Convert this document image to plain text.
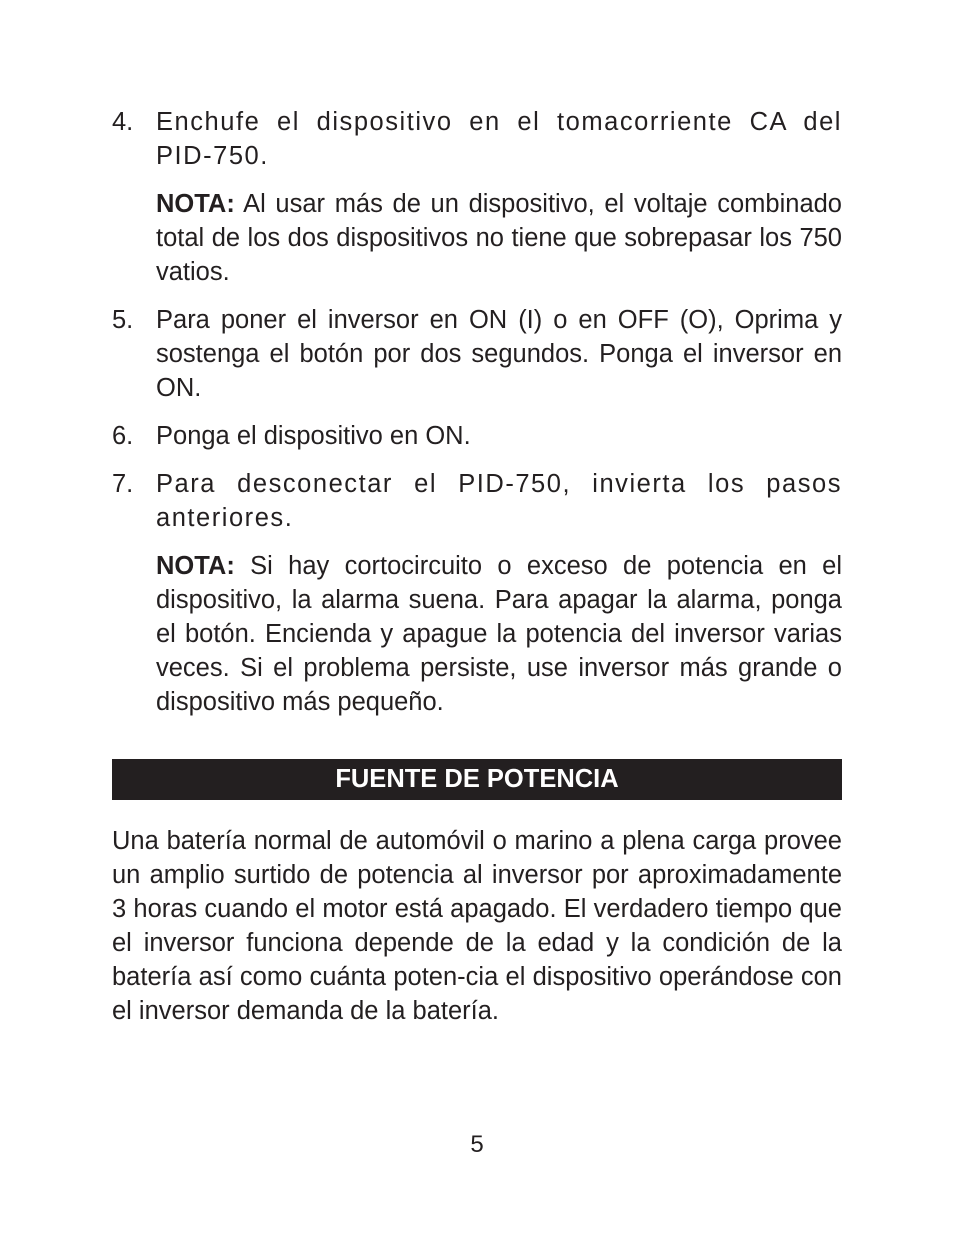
4. Enchufe el dispositivo en el tomacorriente CA del PID-750.

NOTA: Al usar más de un dispositivo, el voltaje combinado total de los dos dispositivos no tiene que sobrepasar los 750 vatios.

5. Para poner el inversor en ON (I) o en OFF (O), Oprima y sostenga el botón por dos segundos. Ponga el inversor en ON.

6. Ponga el dispositivo en ON.

7. Para desconectar el PID-750, invierta los pasos anteriores.

NOTA: Si hay cortocircuito o exceso de potencia en el dispositivo, la alarma suena. Para apagar la alarma, ponga el botón. Encienda y apague la potencia del inversor varias veces. Si el problema persiste, use inversor más grande o dispositivo más pequeño.

FUENTE DE POTENCIA

Una batería normal de automóvil o marino a plena carga provee un amplio surtido de potencia al inversor por aproximadamente 3 horas cuando el motor está apagado. El verdadero tiempo que el inversor funciona depende de la edad y la condición de la batería así como cuánta poten-cia el dispositivo operándose con el inversor demanda de la batería.

5
